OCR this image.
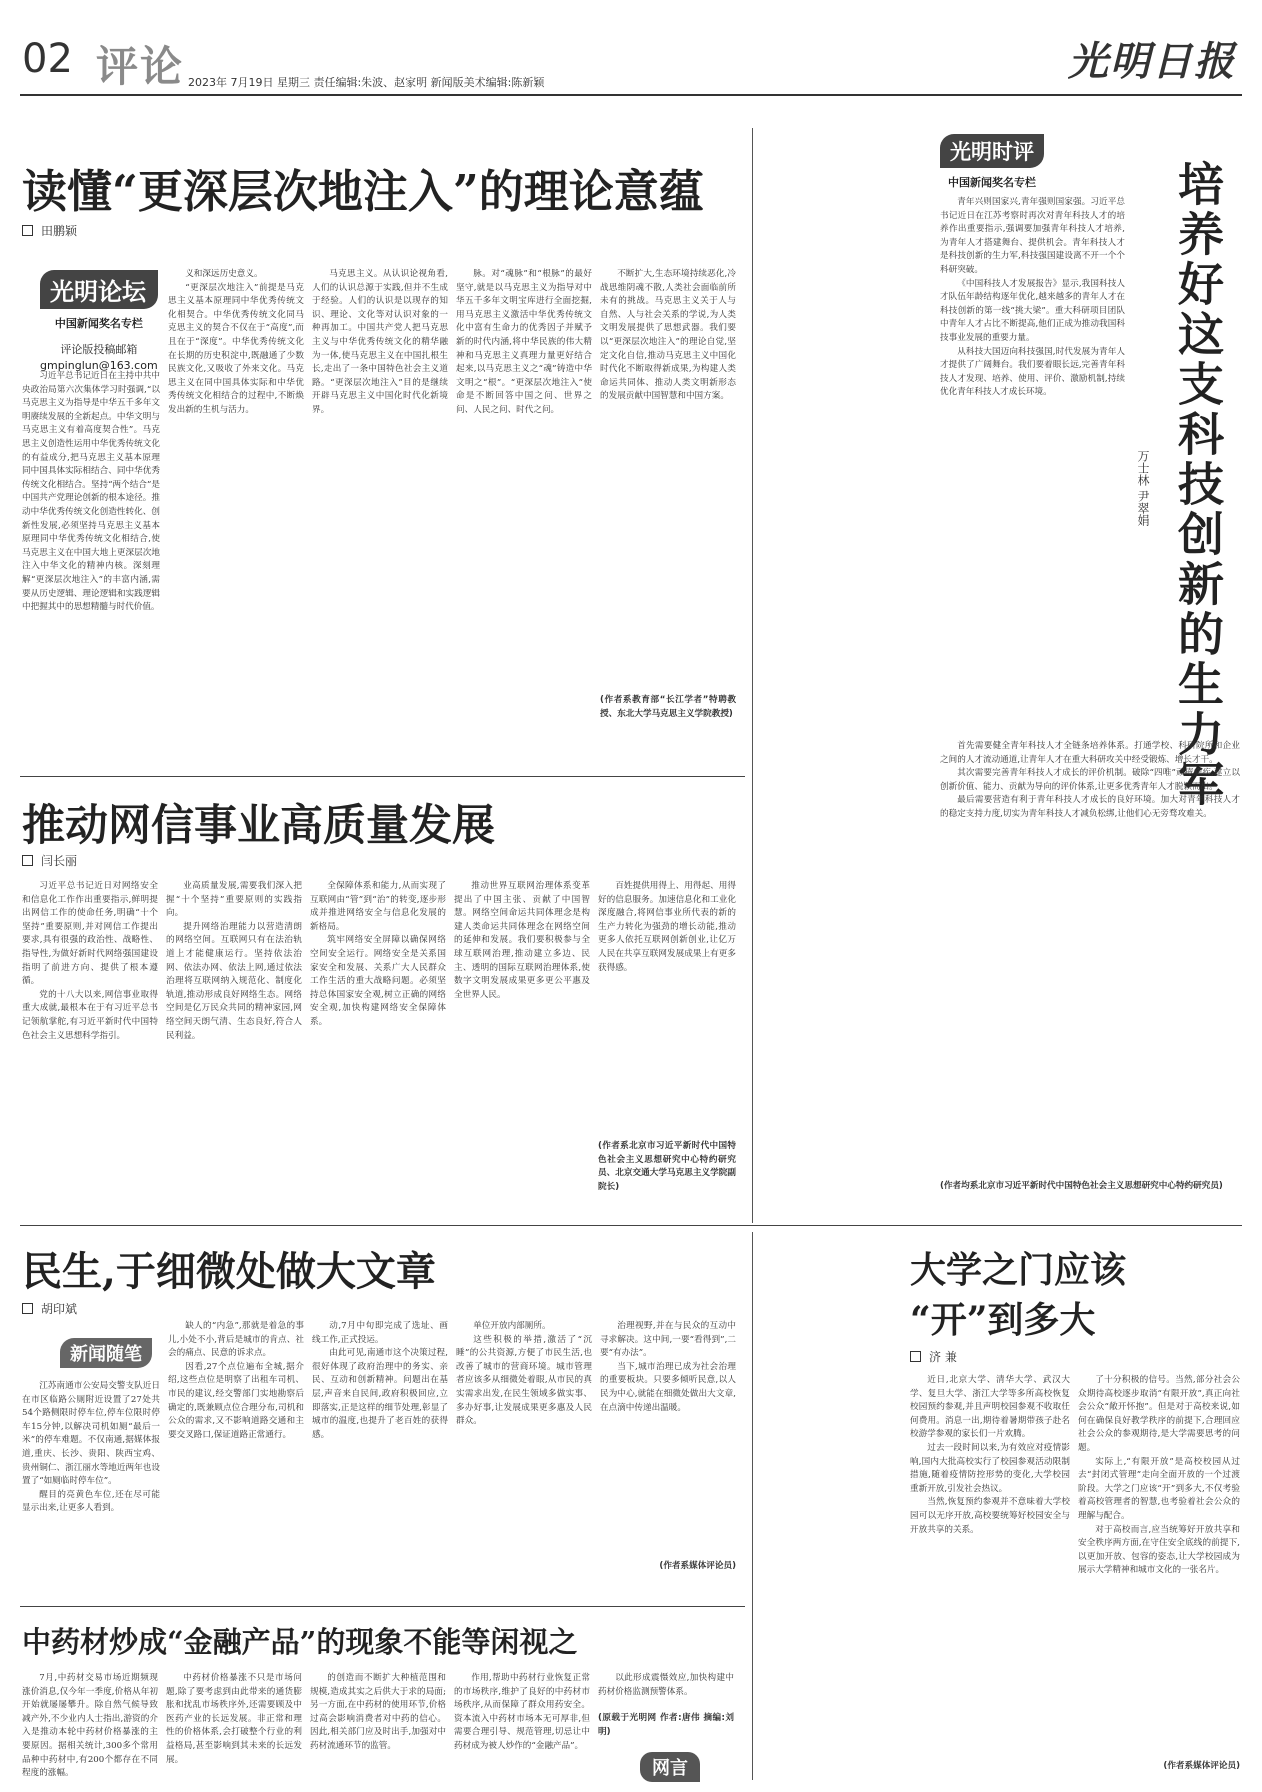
02 评论 2023年 7月19日 星期三 责任编辑:朱波、赵家明 新闻版美术编辑:陈新颖	光明日报
读懂“更深层次地注入”的理论意蕴
田鹏颖
光明论坛
中国新闻奖名专栏
评论版投稿邮箱
gmpinglun@163.com

习近平总书记近日在主持中共中央政治局第六次集体学习时强调,“以马克思主义为指导是中华五千多年文明赓续发展的全新起点。中华文明与马克思主义有着高度契合性”。马克思主义创造性运用中华优秀传统文化的有益成分,把马克思主义基本原理同中国具体实际相结合、同中华优秀传统文化相结合。坚持“两个结合”是中国共产党理论创新的根本途径。推动中华优秀传统文化创造性转化、创新性发展,必须坚持马克思主义基本原理同中华优秀传统文化相结合,使马克思主义在中国大地上更深层次地注入中华文化的精神内核。深刻理解“更深层次地注入”的丰富内涵,需要从历史逻辑、理论逻辑和实践逻辑中把握其中的思想精髓与时代价值。

义和深远历史意义。

“更深层次地注入”前提是马克思主义基本原理同中华优秀传统文化相契合。中华优秀传统文化同马克思主义的契合不仅在于“高度”,而且在于“深度”。中华优秀传统文化在长期的历史积淀中,既融通了少数民族文化,又吸收了外来文化。马克思主义在同中国具体实际和中华优秀传统文化相结合的过程中,不断焕发出新的生机与活力。

马克思主义。从认识论视角看,人们的认识总源于实践,但并不生成于经验。人们的认识是以现存的知识、理论、文化等对认识对象的一种再加工。中国共产党人把马克思主义与中华优秀传统文化的精华融为一体,使马克思主义在中国扎根生长,走出了一条中国特色社会主义道路。“更深层次地注入”目的是继续开辟马克思主义中国化时代化新境界。

脉。对“魂脉”和“根脉”的最好坚守,就是以马克思主义为指导对中华五千多年文明宝库进行全面挖掘,用马克思主义激活中华优秀传统文化中富有生命力的优秀因子并赋予新的时代内涵,将中华民族的伟大精神和马克思主义真理力量更好结合起来,以马克思主义之“魂”铸造中华文明之“根”。“更深层次地注入”使命是不断回答中国之问、世界之问、人民之问、时代之问。

不断扩大,生态环境持续恶化,冷战思维阴魂不散,人类社会面临前所未有的挑战。马克思主义关于人与自然、人与社会关系的学说,为人类文明发展提供了思想武器。我们要以“更深层次地注入”的理论自觉,坚定文化自信,推动马克思主义中国化时代化不断取得新成果,为构建人类命运共同体、推动人类文明新形态的发展贡献中国智慧和中国方案。

(作者系教育部“长江学者”特聘教授、东北大学马克思主义学院教授)
推动网信事业高质量发展
闫长丽

习近平总书记近日对网络安全和信息化工作作出重要指示,鲜明提出网信工作的使命任务,明确“十个坚持”重要原则,并对网信工作提出要求,具有很强的政治性、战略性、指导性,为做好新时代网络强国建设指明了前进方向、提供了根本遵循。

党的十八大以来,网信事业取得重大成就,最根本在于有习近平总书记领航掌舵,有习近平新时代中国特色社会主义思想科学指引。

业高质量发展,需要我们深入把握“十个坚持”重要原则的实践指向。

提升网络治理能力以营造清朗的网络空间。互联网只有在法治轨道上才能健康运行。坚持依法治网、依法办网、依法上网,通过依法治理将互联网纳入规范化、制度化轨道,推动形成良好网络生态。网络空间是亿万民众共同的精神家园,网络空间天朗气清、生态良好,符合人民利益。

全保障体系和能力,从而实现了互联网由“管”到“治”的转变,逐步形成并推进网络安全与信息化发展的新格局。

筑牢网络安全屏障以确保网络空间安全运行。网络安全是关系国家安全和发展、关系广大人民群众工作生活的重大战略问题。必须坚持总体国家安全观,树立正确的网络安全观,加快构建网络安全保障体系。

推动世界互联网治理体系变革提出了中国主张、贡献了中国智慧。网络空间命运共同体理念是构建人类命运共同体理念在网络空间的延伸和发展。我们要积极参与全球互联网治理,推动建立多边、民主、透明的国际互联网治理体系,使数字文明发展成果更多更公平惠及全世界人民。

百姓提供用得上、用得起、用得好的信息服务。加速信息化和工业化深度融合,将网信事业所代表的新的生产力转化为强劲的增长动能,推动更多人依托互联网创新创业,让亿万人民在共享互联网发展成果上有更多获得感。

(作者系北京市习近平新时代中国特色社会主义思想研究中心特约研究员、北京交通大学马克思主义学院副院长)
光明时评
中国新闻奖名专栏	培养好这支科技创新的生力军
万士林 尹翠娟

青年兴则国家兴,青年强则国家强。习近平总书记近日在江苏考察时再次对青年科技人才的培养作出重要指示,强调要加强青年科技人才培养,为青年人才搭建舞台、提供机会。青年科技人才是科技创新的生力军,科技强国建设离不开一个个科研突破。

《中国科技人才发展报告》显示,我国科技人才队伍年龄结构逐年优化,越来越多的青年人才在科技创新的第一线“挑大梁”。重大科研项目团队中青年人才占比不断提高,他们正成为推动我国科技事业发展的重要力量。

从科技大国迈向科技强国,时代发展为青年人才提供了广阔舞台。我们要着眼长远,完善青年科技人才发现、培养、使用、评价、激励机制,持续优化青年科技人才成长环境。

首先需要健全青年科技人才全链条培养体系。打通学校、科研院所和企业之间的人才流动通道,让青年人才在重大科研攻关中经受锻炼、增长才干。

其次需要完善青年科技人才成长的评价机制。破除“四唯”顽瘴痼疾,建立以创新价值、能力、贡献为导向的评价体系,让更多优秀青年人才脱颖而出。

最后需要营造有利于青年科技人才成长的良好环境。加大对青年科技人才的稳定支持力度,切实为青年科技人才减负松绑,让他们心无旁骛攻难关。

(作者均系北京市习近平新时代中国特色社会主义思想研究中心特约研究员)
民生,于细微处做大文章
胡印斌
新闻随笔

江苏南通市公安局交警支队近日在市区临路公厕附近设置了27处共54个路侧限时停车位,停车位限时停车15分钟,以解决司机如厕“最后一米”的停车难题。不仅南通,据媒体报道,重庆、长沙、贵阳、陕西宝鸡、贵州铜仁、浙江丽水等地近两年也设置了“如厕临时停车位”。

醒目的亮黄色车位,还在尽可能显示出来,让更多人看到。

缺人的“内急”,那就是着急的事儿,小处不小,背后是城市的肯点、社会的痛点、民意的诉求点。

因看,27个点位遍布全城,据介绍,这些点位是明察了出租车司机、市民的建议,经交警部门实地勘察后确定的,既兼顾点位合理分布,司机和公众的需求,又不影响道路交通和主要交叉路口,保证道路正常通行。

动,7月中旬即完成了选址、画线工作,正式投运。

由此可见,南通市这个决策过程,很好体现了政府治理中的务实、亲民、互动和创新精神。问题出在基层,声音来自民间,政府积极回应,立即落实,正是这样的细节处理,彰显了城市的温度,也提升了老百姓的获得感。

单位开放内部厕所。

这些积极的举措,激活了“沉睡”的公共资源,方便了市民生活,也改善了城市的营商环境。城市管理者应该多从细微处着眼,从市民的真实需求出发,在民生领域多做实事、多办好事,让发展成果更多惠及人民群众。

治理视野,并在与民众的互动中寻求解决。这中间,一要“看得到”,二要“有办法”。

当下,城市治理已成为社会治理的重要板块。只要多倾听民意,以人民为中心,就能在细微处做出大文章,在点滴中传递出温暖。

(作者系媒体评论员)
中药材炒成“金融产品”的现象不能等闲视之

7月,中药材交易市场近期频现涨价消息,仅今年一季度,价格从年初开始就屡屡攀升。除自然气候导致减产外,不少业内人士指出,游资的介入是推动本轮中药材价格暴涨的主要原因。据相关统计,300多个常用品种中药材中,有200个都存在不同程度的涨幅。

中药材价格暴涨不只是市场问题,除了要考虑到由此带来的通货膨胀和扰乱市场秩序外,还需要顾及中医药产业的长远发展。非正常和理性的价格体系,会打破整个行业的利益格局,甚至影响到其未来的长远发展。

的创造而不断扩大种植范围和规模,造成其实之后供大于求的局面;另一方面,在中药材的使用环节,价格过高会影响消费者对中药的信心。因此,相关部门应及时出手,加强对中药材流通环节的监管。

作用,帮助中药材行业恢复正常的市场秩序,维护了良好的中药材市场秩序,从而保障了群众用药安全。资本流入中药材市场本无可厚非,但需要合理引导、规范管理,切忌让中药材成为被人炒作的“金融产品”。

以此形成震慑效应,加快构建中药材价格监测预警体系。

(原载于光明网 作者:唐伟 摘编:刘明)
网言
大学之门应该
“开”到多大
济 兼

近日,北京大学、清华大学、武汉大学、复旦大学、浙江大学等多所高校恢复校园预约参观,并且声明校园参观不收取任何费用。消息一出,期待着暑期带孩子赴名校游学参观的家长们一片欢腾。

过去一段时间以来,为有效应对疫情影响,国内大批高校实行了校园参观活动限制措施,随着疫情防控形势的变化,大学校园重新开放,引发社会热议。

当然,恢复预约参观并不意味着大学校园可以无序开放,高校要统筹好校园安全与开放共享的关系。

了十分积极的信号。当然,部分社会公众期待高校逐步取消“有限开放”,真正向社会公众“敞开怀抱”。但是对于高校来说,如何在确保良好教学秩序的前提下,合理回应社会公众的参观期待,是大学需要思考的问题。

实际上,“有限开放”是高校校园从过去“封闭式管理”走向全面开放的一个过渡阶段。大学之门应该“开”到多大,不仅考验着高校管理者的智慧,也考验着社会公众的理解与配合。

对于高校而言,应当统筹好开放共享和安全秩序两方面,在守住安全底线的前提下,以更加开放、包容的姿态,让大学校园成为展示大学精神和城市文化的一张名片。

(作者系媒体评论员)
